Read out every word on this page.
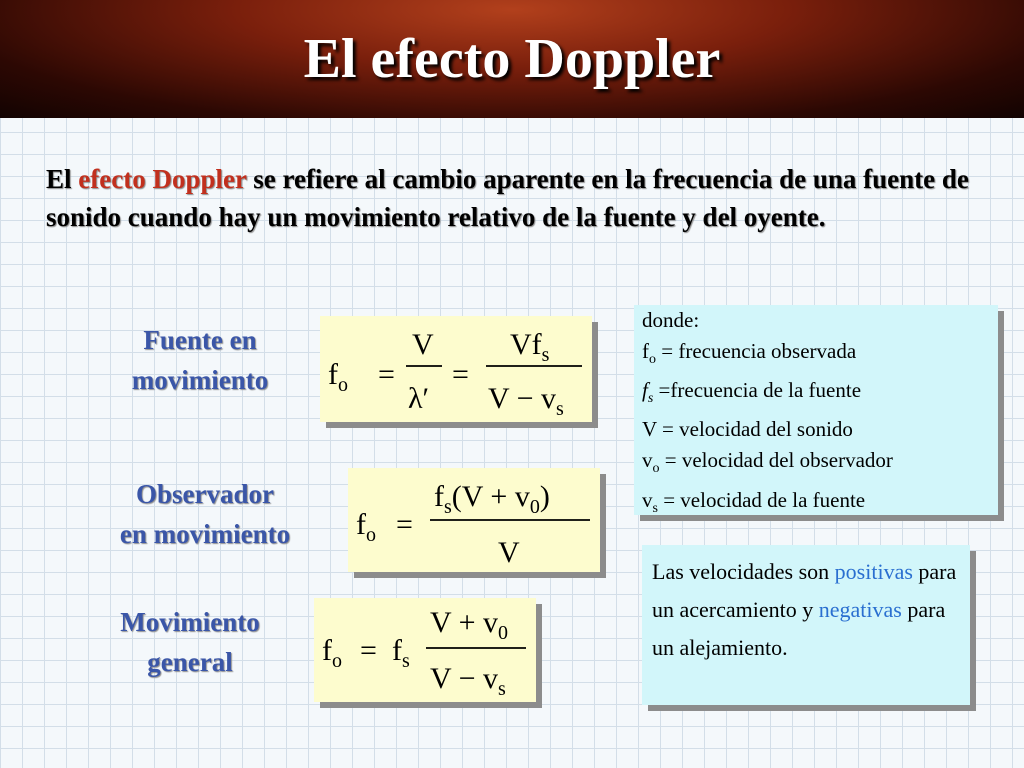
El efecto Doppler
El efecto Doppler se refiere al cambio aparente en la frecuencia de una fuente de sonido cuando hay un movimiento relativo de la fuente y del oyente.
Fuente en
movimiento
Observador
en movimiento
Movimiento
general
$f_o$ =
V
λ′
=
$Vf_s$
$V - v_s$
$f_o$ =
$f_s(V + v_0)$
V
$f_o = f_s$
$V + v_0$
$V - v_s$
donde:
$f_o$ = frecuencia observada
$f_s$ =frecuencia de la fuente
V = velocidad del sonido
$v_o$ = velocidad del observador
$v_s$ = velocidad de la fuente
Las velocidades son positivas para un acercamiento y negativas para un alejamiento.
